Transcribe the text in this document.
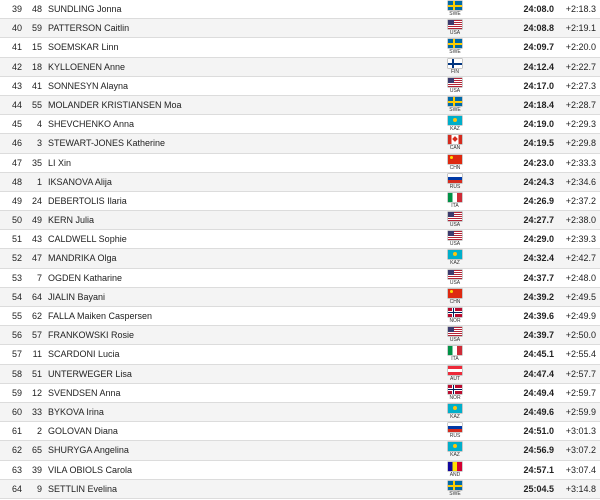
39	48 SUNDLING Jonna	SWE	24:08.0	+2:18.3
40	59 PATTERSON Caitlin	USA	24:08.8	+2:19.1
41	15 SOEMSKAR Linn	SWE	24:09.7	+2:20.0
42	18 KYLLOENEN Anne	FIN	24:12.4	+2:22.7
43	41 SONNESYN Alayna	USA	24:17.0	+2:27.3
44	55 MOLANDER KRISTIANSEN Moa	SWE	24:18.4	+2:28.7
45	4 SHEVCHENKO Anna	KAZ	24:19.0	+2:29.3
46	3 STEWART-JONES Katherine	CAN	24:19.5	+2:29.8
47	35 LI Xin	CHN	24:23.0	+2:33.3
48	1 IKSANOVA Alija	RUS	24:24.3	+2:34.6
49	24 DEBERTOLIS Ilaria	ITA	24:26.9	+2:37.2
50	49 KERN Julia	USA	24:27.7	+2:38.0
51	43 CALDWELL Sophie	USA	24:29.0	+2:39.3
52	47 MANDRIKA Olga	KAZ	24:32.4	+2:42.7
53	7 OGDEN Katharine	USA	24:37.7	+2:48.0
54	64 JIALIN Bayani	CHN	24:39.2	+2:49.5
55	62 FALLA Maiken Caspersen	NOR	24:39.6	+2:49.9
56	57 FRANKOWSKI Rosie	USA	24:39.7	+2:50.0
57	11 SCARDONI Lucia	ITA	24:45.1	+2:55.4
58	51 UNTERWEGER Lisa	AUT	24:47.4	+2:57.7
59	12 SVENDSEN Anna	NOR	24:49.4	+2:59.7
60	33 BYKOVA Irina	KAZ	24:49.6	+2:59.9
61	2 GOLOVAN Diana	RUS	24:51.0	+3:01.3
62	65 SHURYGA Angelina	KAZ	24:56.9	+3:07.2
63	39 VILA OBIOLS Carola	AND	24:57.1	+3:07.4
64	9 SETTLIN Evelina	SWE	25:04.5	+3:14.8
